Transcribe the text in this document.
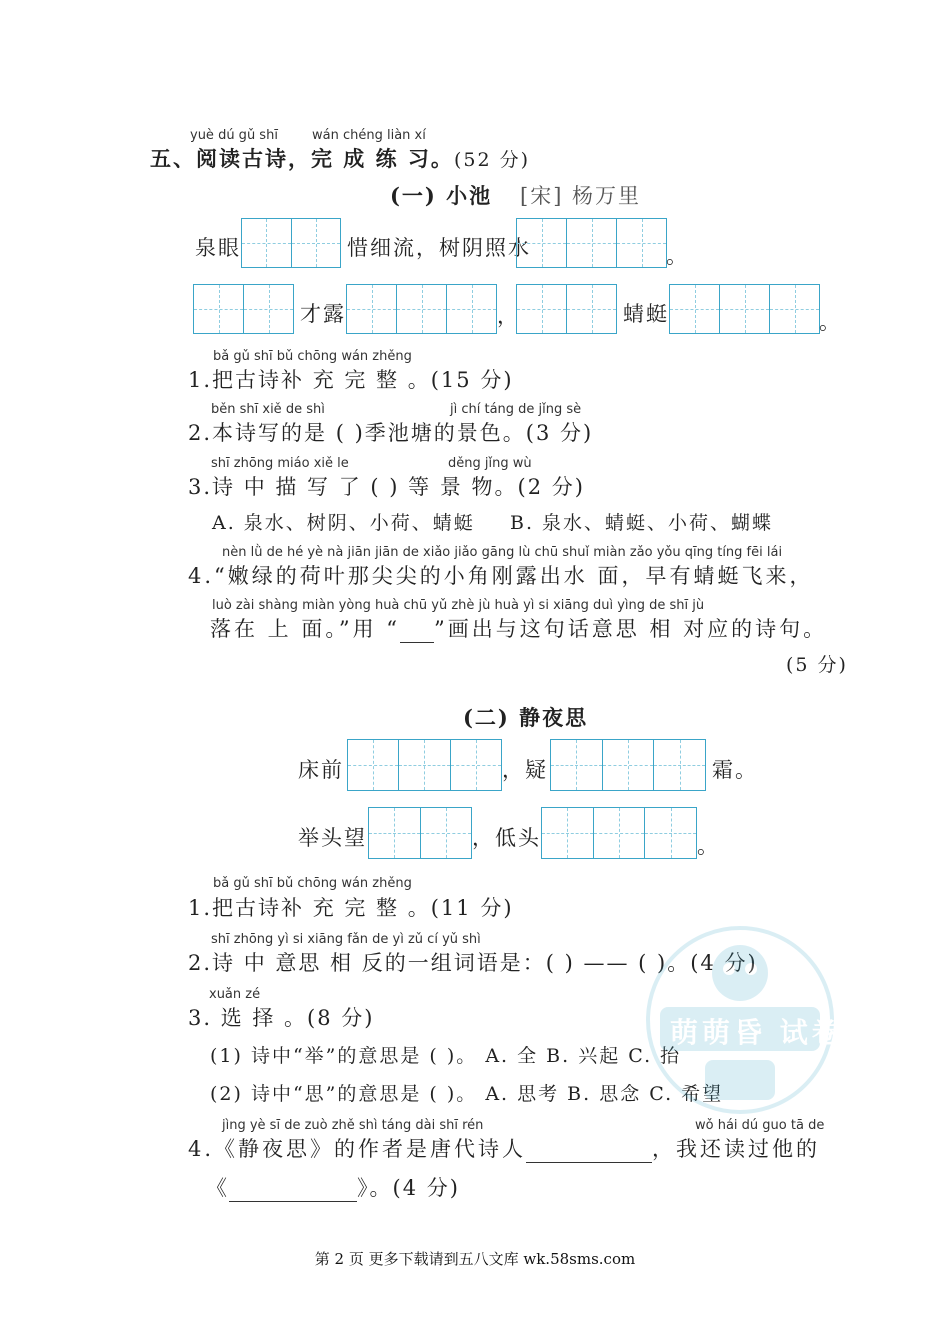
yuè dú gǔ shī	wán chéng liàn xí
五、阅读古诗，完 成 练 习。(52 分)
(一) 小池 [宋] 杨万里
泉眼	惜细流，树阴照水	。
才露	，	蜻蜓	。
bǎ gǔ shī bǔ chōng wán zhěng
1.把古诗补 充 完 整 。(15 分)
běn shī xiě de shì	jì chí táng de jǐng sè
2.本诗写的是 ( )季池塘的景色。(3 分)
shī zhōng miáo xiě le	děng jǐng wù
3.诗 中 描 写 了 ( ) 等 景 物。(2 分)
A. 泉水、树阴、小荷、蜻蜓 B. 泉水、蜻蜓、小荷、蝴蝶
nèn lǜ de hé yè nà jiān jiān de xiǎo jiǎo gāng lù chū shuǐ miàn zǎo yǒu qīng tíng fēi lái
4.“嫩绿的荷叶那尖尖的小角刚露出水 面，早有蜻蜓飞来，
luò zài shàng miàn yòng huà chū yǔ zhè jù huà yì si xiāng duì yìng de shī jù
落在 上 面。”用 “ ”画出与这句话意思 相 对应的诗句。
(5 分)
(二) 静夜思
床前	，疑	霜。
举头望	，低头	。
bǎ gǔ shī bǔ chōng wán zhěng
1.把古诗补 充 完 整 。(11 分)
shī zhōng yì si xiāng fǎn de yì zǔ cí yǔ shì
2.诗 中 意思 相 反的一组词语是：( ) —— ( )。(4 分)
xuǎn zé
3. 选 择 。(8 分)
(1) 诗中“举”的意思是 ( )。 A. 全 B. 兴起 C. 抬
(2) 诗中“思”的意思是 ( )。 A. 思考 B. 思念 C. 希望
jìng yè sī de zuò zhě shì táng dài shī rén	wǒ hái dú guo tā de
4.《静夜思》的作者是唐代诗人	，我还读过他的
《	》。(4 分)
萌萌昏 试卷
第 2 页 更多下载请到五八文库 wk.58sms.com
